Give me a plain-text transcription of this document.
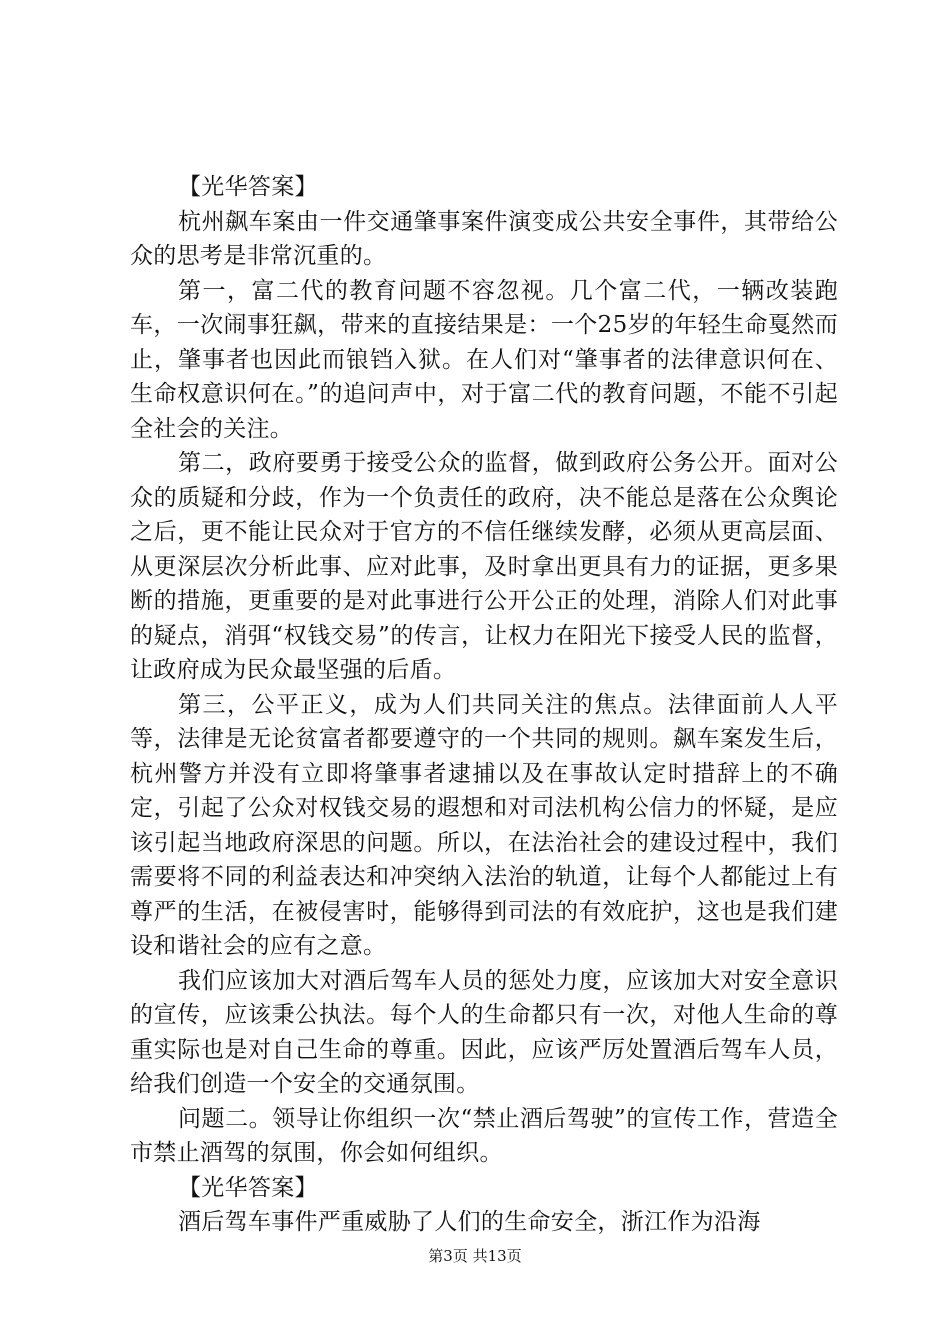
【光华答案】

杭州飙车案由一件交通肇事案件演变成公共安全事件，其带给公众的思考是非常沉重的。

第一，富二代的教育问题不容忽视。几个富二代，一辆改装跑车，一次闹事狂飙，带来的直接结果是：一个25岁的年轻生命戛然而止，肇事者也因此而锒铛入狱。在人们对“肇事者的法律意识何在、生命权意识何在。”的追问声中，对于富二代的教育问题，不能不引起全社会的关注。

第二，政府要勇于接受公众的监督，做到政府公务公开。面对公众的质疑和分歧，作为一个负责任的政府，决不能总是落在公众舆论之后，更不能让民众对于官方的不信任继续发酵，必须从更高层面、从更深层次分析此事、应对此事，及时拿出更具有力的证据，更多果断的措施，更重要的是对此事进行公开公正的处理，消除人们对此事的疑点，消弭“权钱交易”的传言，让权力在阳光下接受人民的监督，让政府成为民众最坚强的后盾。

第三，公平正义，成为人们共同关注的焦点。法律面前人人平等，法律是无论贫富者都要遵守的一个共同的规则。飙车案发生后，杭州警方并没有立即将肇事者逮捕以及在事故认定时措辞上的不确定，引起了公众对权钱交易的遐想和对司法机构公信力的怀疑，是应该引起当地政府深思的问题。所以，在法治社会的建设过程中，我们需要将不同的利益表达和冲突纳入法治的轨道，让每个人都能过上有尊严的生活，在被侵害时，能够得到司法的有效庇护，这也是我们建设和谐社会的应有之意。

我们应该加大对酒后驾车人员的惩处力度，应该加大对安全意识的宣传，应该秉公执法。每个人的生命都只有一次，对他人生命的尊重实际也是对自己生命的尊重。因此，应该严厉处置酒后驾车人员，给我们创造一个安全的交通氛围。

问题二。领导让你组织一次“禁止酒后驾驶”的宣传工作，营造全市禁止酒驾的氛围，你会如何组织。

【光华答案】

酒后驾车事件严重威胁了人们的生命安全，浙江作为沿海

第3页 共13页
